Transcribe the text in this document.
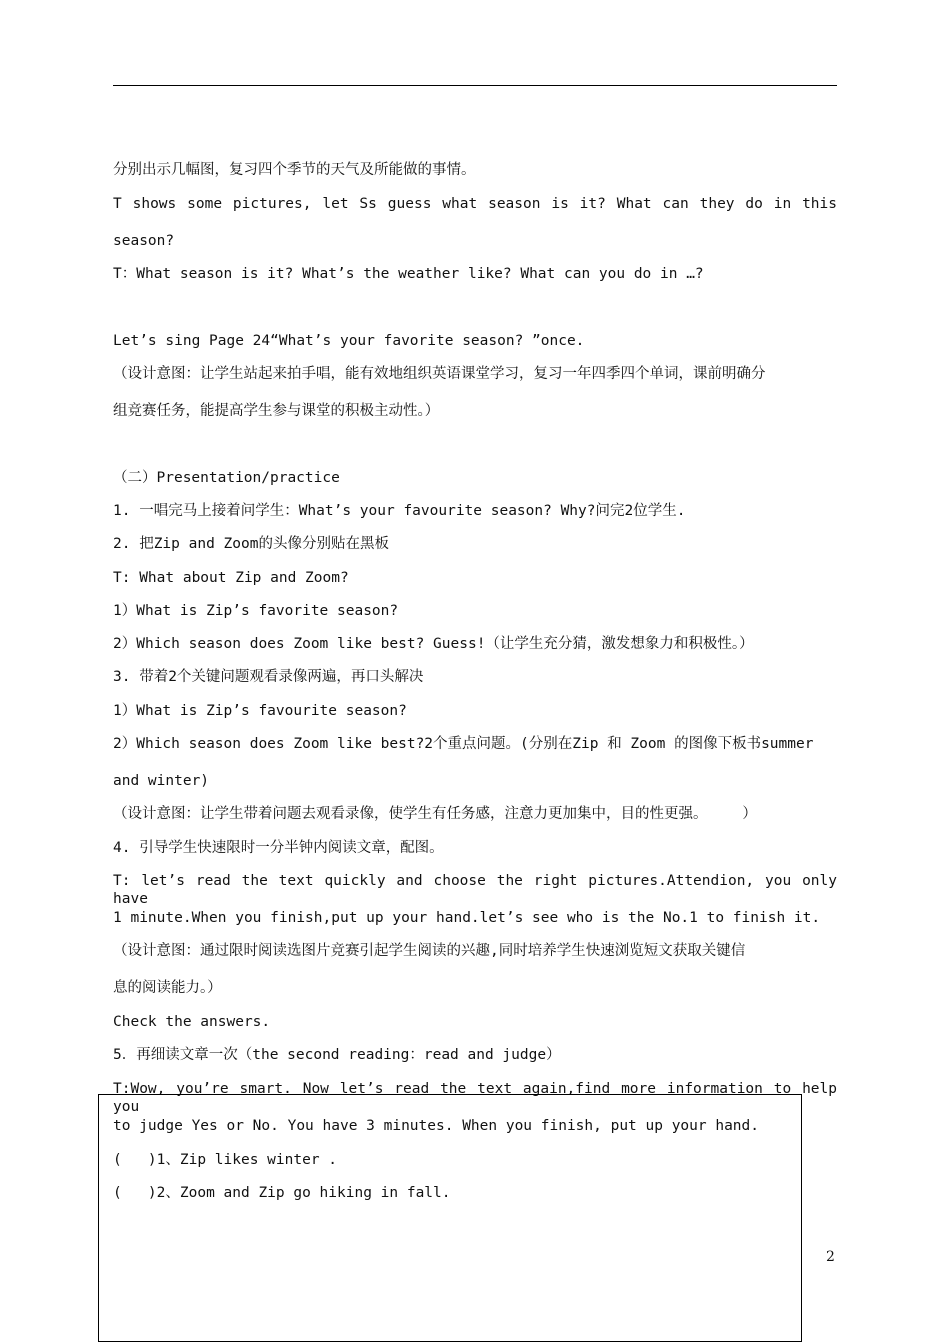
分别出示几幅图，复习四个季节的天气及所能做的事情。
T shows some pictures, let Ss guess what season is it? What can they do in this
season?
T：What season is it? What’s the weather like? What can you do in …?
Let’s sing Page 24“What’s your favorite season? ”once.
（设计意图：让学生站起来拍手唱，能有效地组织英语课堂学习，复习一年四季四个单词，课前明确分
组竞赛任务，能提高学生参与课堂的积极主动性。）
（二）Presentation/practice
1. 一唱完马上接着问学生：What’s your favourite season? Why?问完2位学生.
2. 把Zip and Zoom的头像分别贴在黑板
T: What about Zip and Zoom?
1）What is Zip’s favorite season?
2）Which season does Zoom like best? Guess!（让学生充分猜，激发想象力和积极性。）
3. 带着2个关键问题观看录像两遍，再口头解决
1）What is Zip’s favourite season?
2）Which season does Zoom like best?2个重点问题。(分别在Zip 和 Zoom 的图像下板书summer
and winter)
（设计意图：让学生带着问题去观看录像，使学生有任务感，注意力更加集中，目的性更强。    ）
4. 引导学生快速限时一分半钟内阅读文章，配图。
T: let’s read the text quickly and choose the right pictures.Attendion, you only have
1 minute.When you finish,put up your hand.let’s see who is the No.1 to finish it.
（设计意图：通过限时阅读选图片竞赛引起学生阅读的兴趣,同时培养学生快速浏览短文获取关键信
息的阅读能力。）
Check the answers.
5．再细读文章一次（the second reading：read and judge）
T:Wow, you’re smart. Now let’s read the text again,find more information to help you
to judge Yes or No. You have 3 minutes. When you finish, put up your hand.
(   )1、Zip likes winter .
(   )2、Zoom and Zip go hiking in fall.
2
